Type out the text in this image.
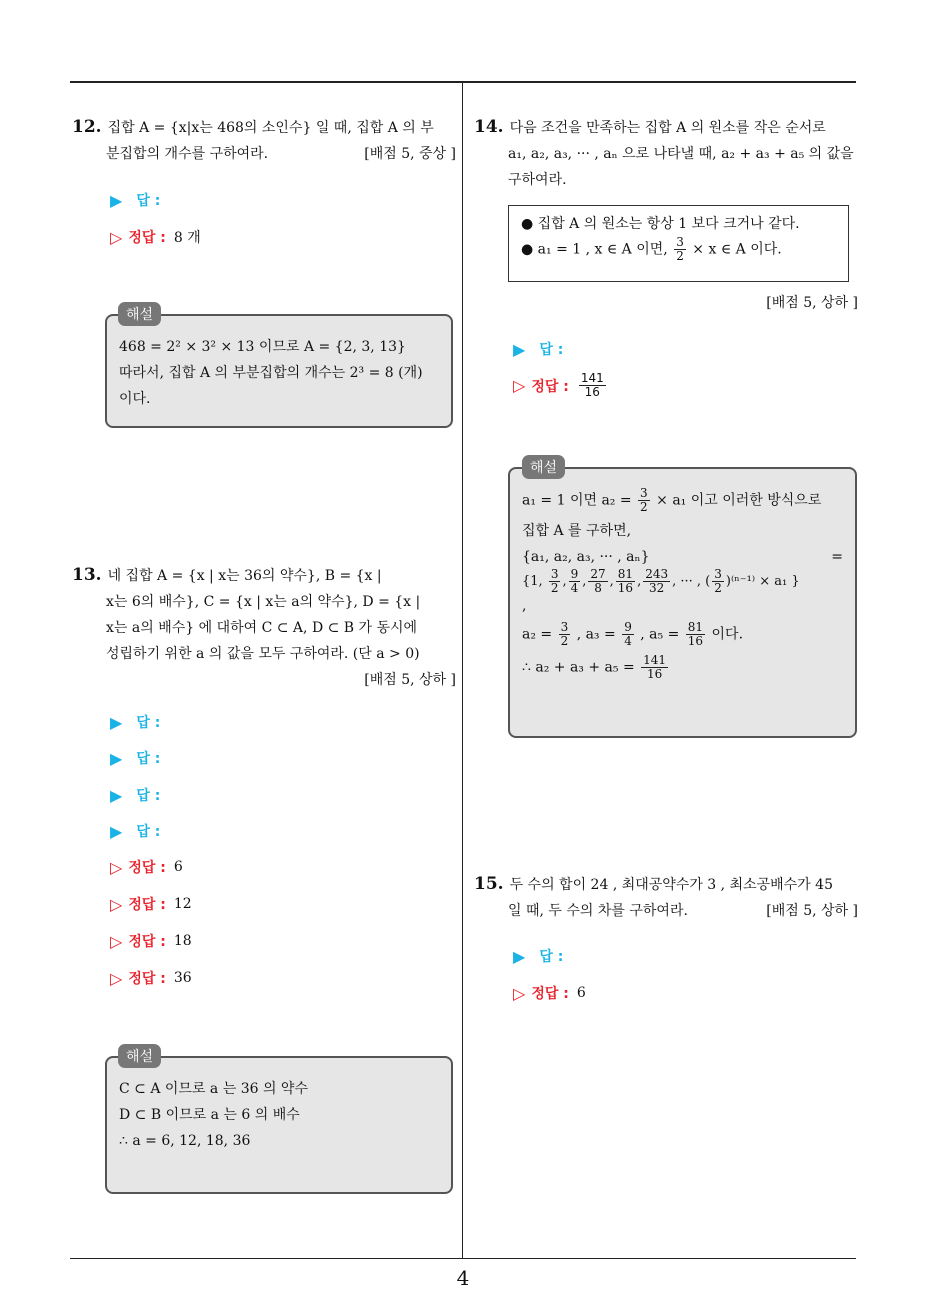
12. 집합 A = {x|x는 468의 소인수} 일 때, 집합 A 의 부
분집합의 개수를 구하여라.	[배점 5, 중상 ]
▶ 답 :
▷ 정답 : 8 개
468 = 2² × 3² × 13 이므로 A = {2, 3, 13}
따라서, 집합 A 의 부분집합의 개수는 2³ = 8 (개)
이다.
해설
13. 네 집합 A = {x | x는 36의 약수}, B = {x |
x는 6의 배수}, C = {x | x는 a의 약수}, D = {x |
x는 a의 배수} 에 대하여 C ⊂ A, D ⊂ B 가 동시에
성립하기 위한 a 의 값을 모두 구하여라. (단 a > 0)
[배점 5, 상하 ]
▶ 답 :
▶ 답 :
▶ 답 :
▶ 답 :
▷ 정답 : 6
▷ 정답 : 12
▷ 정답 : 18
▷ 정답 : 36
C ⊂ A 이므로 a 는 36 의 약수
D ⊂ B 이므로 a 는 6 의 배수
∴ a = 6, 12, 18, 36
해설
14. 다음 조건을 만족하는 집합 A 의 원소를 작은 순서로
a₁, a₂, a₃, ··· , aₙ 으로 나타낼 때, a₂ + a₃ + a₅ 의 값을
구하여라.
● 집합 A 의 원소는 항상 1 보다 크거나 같다.
● a₁ = 1 , x ∈ A 이면, $\frac{3}{2} \times x$ ∈ A 이다.
[배점 5, 상하 ]
▶ 답 :
▷ 정답 : $\frac{141}{16}$
a₁ = 1 이면 $a_2 = \frac{3}{2} \times a_1$ 이고 이러한 방식으로
집합 A 를 구하면,
{a₁, a₂, a₃, ··· , aₙ}	=
{1, $\frac{3}{2}$ , $\frac{9}{4}$ , $\frac{27}{8}$ , $\frac{81}{16}$ , $\frac{243}{32}$ , ··· , ( $\frac{3}{2} )^{(n-1)} \times a_1$ }
,
$a_2 = \frac{3}{2}$ , $a_3 = \frac{9}{4}$ , $a_5 = \frac{81}{16}$ 이다.
∴ $a_2 + a_3 + a_5 = \frac{141}{16}$
해설
15. 두 수의 합이 24 , 최대공약수가 3 , 최소공배수가 45
일 때, 두 수의 차를 구하여라.	[배점 5, 상하 ]
▶ 답 :
▷ 정답 : 6
4
